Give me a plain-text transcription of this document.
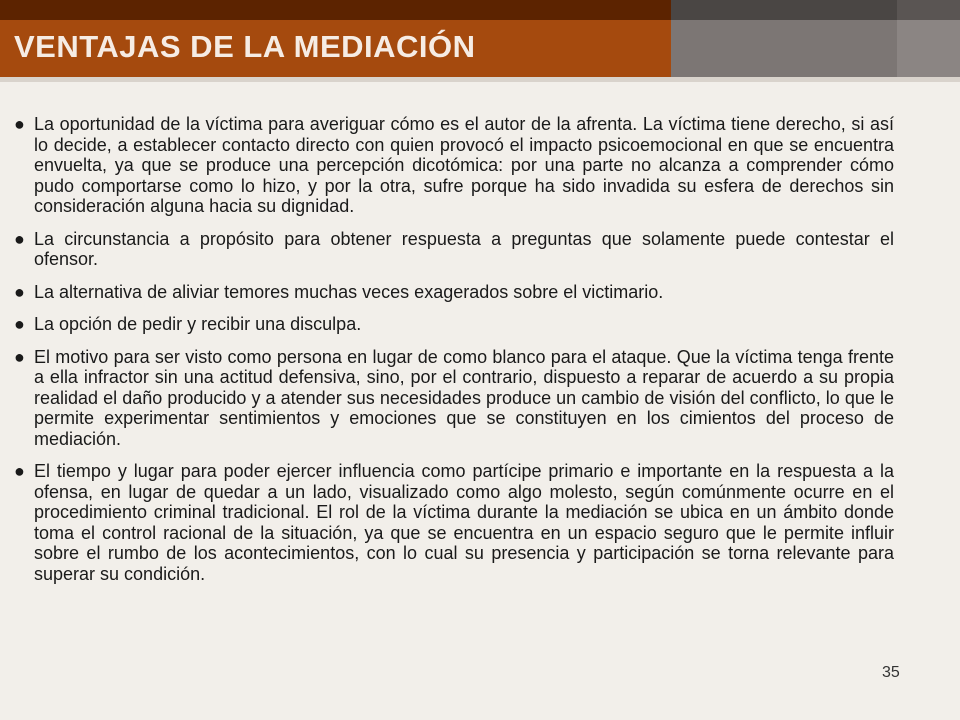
VENTAJAS DE LA MEDIACIÓN
● La oportunidad de la víctima para averiguar cómo es el autor de la afrenta. La víctima tiene derecho, si así lo decide, a establecer contacto directo con quien provocó el impacto psicoemocional en que se encuentra envuelta, ya que se produce una percepción dicotómica: por una parte no alcanza a comprender cómo pudo comportarse como lo hizo, y por la otra, sufre porque ha sido invadida su esfera de derechos sin consideración alguna hacia su dignidad.
● La circunstancia a propósito para obtener respuesta a preguntas que solamente puede contestar el ofensor.
● La alternativa de aliviar temores muchas veces exagerados sobre el victimario.
● La opción de pedir y recibir una disculpa.
● El motivo para ser visto como persona en lugar de como blanco para el ataque. Que la víctima tenga frente a ella infractor sin una actitud defensiva, sino, por el contrario, dispuesto a reparar de acuerdo a su propia realidad el daño producido y a atender sus necesidades produce un cambio de visión del conflicto, lo que le permite experimentar sentimientos y emociones que se constituyen en los cimientos del proceso de mediación.
● El tiempo y lugar para poder ejercer influencia como partícipe primario e importante en la respuesta a la ofensa, en lugar de quedar a un lado, visualizado como algo molesto, según comúnmente ocurre en el procedimiento criminal tradicional. El rol de la víctima durante la mediación se ubica en un ámbito donde toma el control racional de la situación, ya que se encuentra en un espacio seguro que le permite influir sobre el rumbo de los acontecimientos, con lo cual su presencia y participación se torna relevante para superar su condición.
35
